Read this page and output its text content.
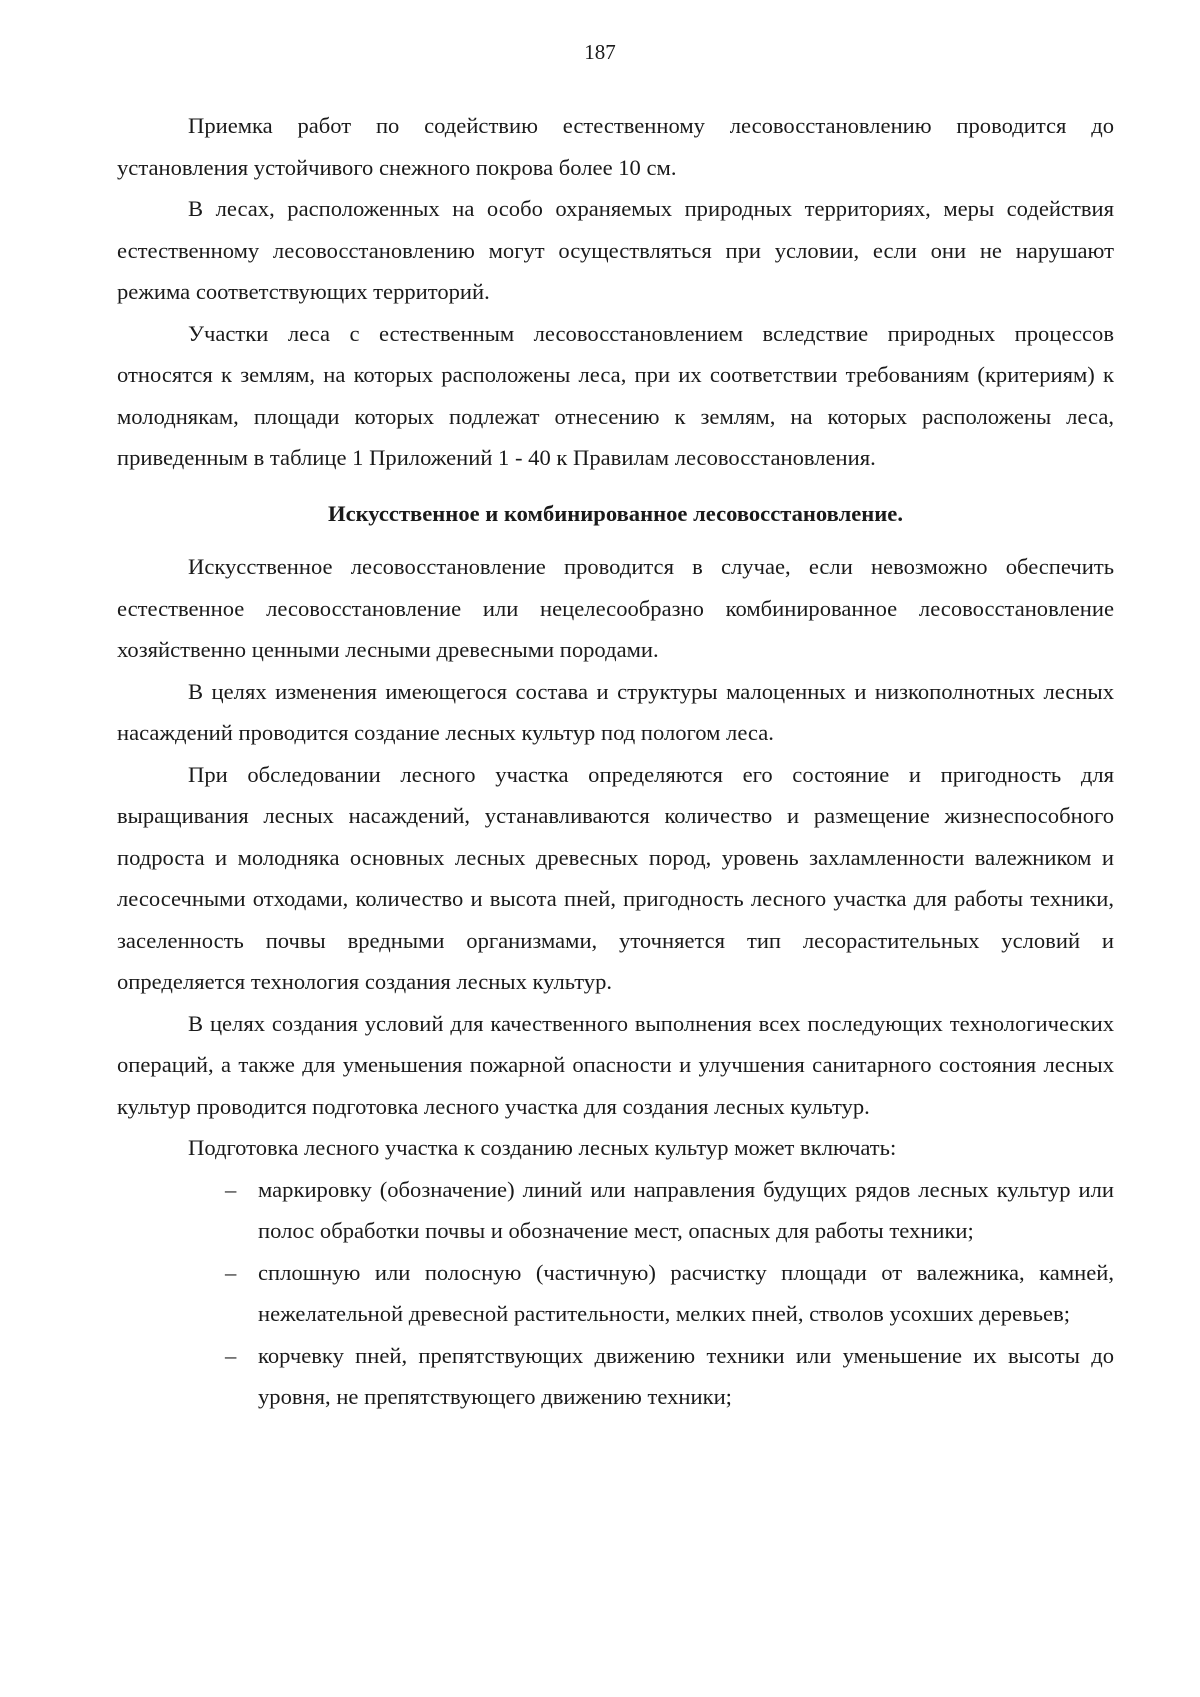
187

Приемка работ по содействию естественному лесовосстановлению проводится до установления устойчивого снежного покрова более 10 см.

В лесах, расположенных на особо охраняемых природных территориях, меры содействия естественному лесовосстановлению могут осуществляться при условии, если они не нарушают режима соответствующих территорий.

Участки леса с естественным лесовосстановлением вследствие природных процессов относятся к землям, на которых расположены леса, при их соответствии требованиям (критериям) к молоднякам, площади которых подлежат отнесению к землям, на которых расположены леса, приведенным в таблице 1 Приложений 1 - 40 к Правилам лесовосстановления.

Искусственное и комбинированное лесовосстановление.

Искусственное лесовосстановление проводится в случае, если невозможно обеспечить естественное лесовосстановление или нецелесообразно комбинированное лесовосстановление хозяйственно ценными лесными древесными породами.

В целях изменения имеющегося состава и структуры малоценных и низкополнотных лесных насаждений проводится создание лесных культур под пологом леса.

При обследовании лесного участка определяются его состояние и пригодность для выращивания лесных насаждений, устанавливаются количество и размещение жизнеспособного подроста и молодняка основных лесных древесных пород, уровень захламленности валежником и лесосечными отходами, количество и высота пней, пригодность лесного участка для работы техники, заселенность почвы вредными организмами, уточняется тип лесорастительных условий и определяется технология создания лесных культур.

В целях создания условий для качественного выполнения всех последующих технологических операций, а также для уменьшения пожарной опасности и улучшения санитарного состояния лесных культур проводится подготовка лесного участка для создания лесных культур.

Подготовка лесного участка к созданию лесных культур может включать:

– маркировку (обозначение) линий или направления будущих рядов лесных культур или полос обработки почвы и обозначение мест, опасных для работы техники;
– сплошную или полосную (частичную) расчистку площади от валежника, камней, нежелательной древесной растительности, мелких пней, стволов усохших деревьев;
– корчевку пней, препятствующих движению техники или уменьшение их высоты до уровня, не препятствующего движению техники;
